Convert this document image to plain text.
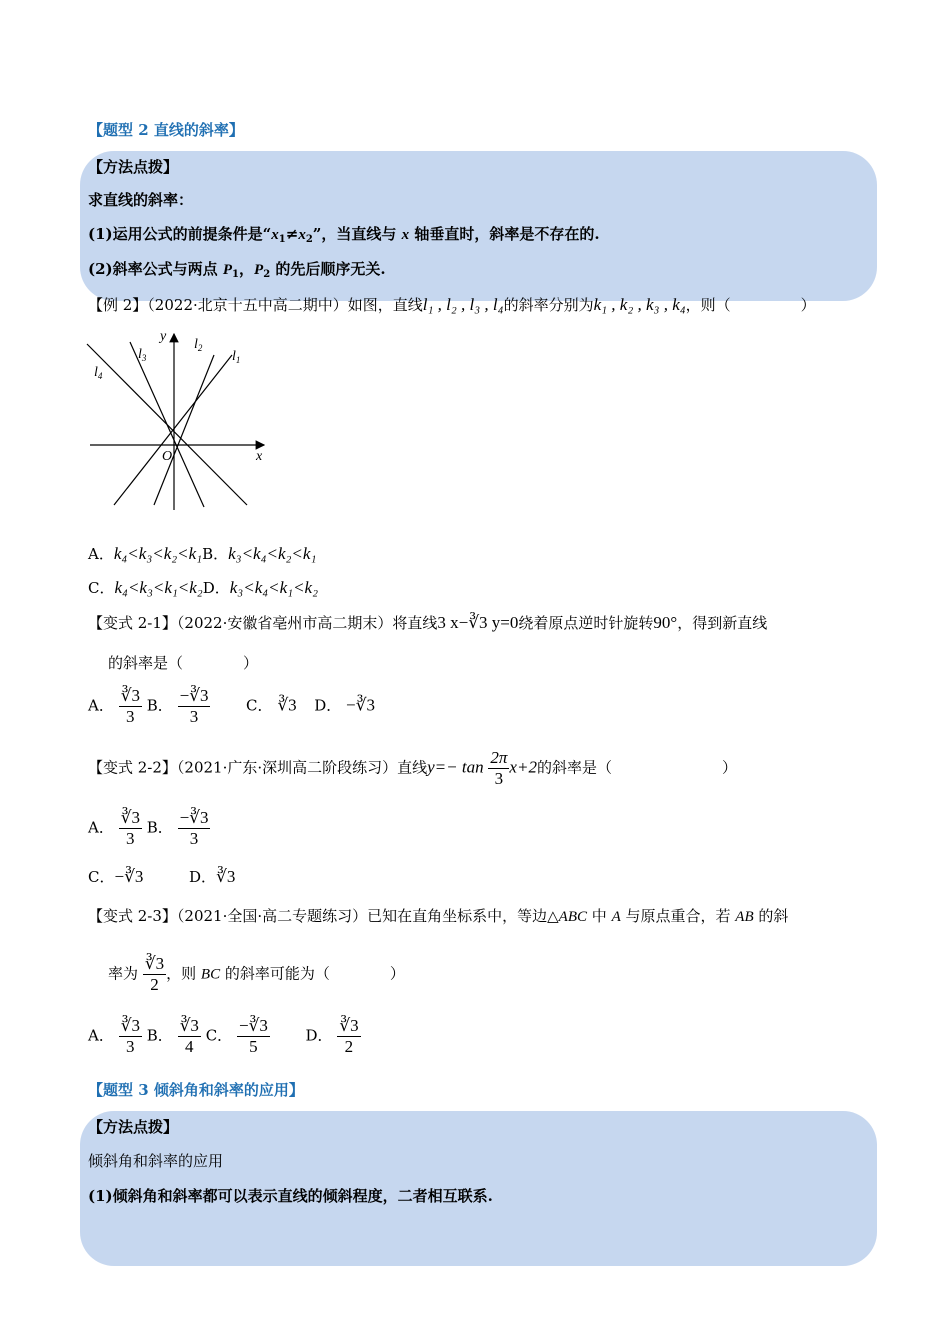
【题型 2 直线的斜率】
【方法点拨】
求直线的斜率：
(1)运用公式的前提条件是“$x_1\ne x_2$”，当直线与 x 轴垂直时，斜率是不存在的.
(2)斜率公式与两点 $P_1$，$P_2$ 的先后顺序无关.
【例 2】（2022·北京十五中高二期中）如图，直线l₁ , l₂ , l₃ , l₄的斜率分别为k₁ , k₂ , k₃ , k₄，则（	）
y
x
O
$l_1$
$l_2$
$l_3$
$l_4$
A．k₄<k₃<k₂<k₁B．k₃<k₄<k₂<k₁
C．k₄<k₃<k₁<k₂D．k₃<k₄<k₁<k₂
【变式 2-1】（2022·安徽省亳州市高二期末）将直线3 x−∛3 y=0绕着原点逆时针旋转90°，得到新直线
的斜率是（	）
A． $\frac{∛3}{3}$ B． $\frac{-∛3}{3}$ C． ∛3 D． −∛3
【变式 2-2】（2021·广东·深圳高二阶段练习）直线$y=- \tan \frac{2\pi}{3} x+2$的斜率是（	）
A． $\frac{∛3}{3}$ B． $\frac{-∛3}{3}$
C．−∛3	D．∛3
【变式 2-3】（2021·全国·高二专题练习）已知在直角坐标系中，等边△ABC 中 A 与原点重合，若 AB 的斜
率为 $\frac{∛3}{2}$ ，则 BC 的斜率可能为（	）
A． $\frac{∛3}{3}$ B． $\frac{∛3}{4}$ C． $\frac{-∛3}{5}$ D． $\frac{∛3}{2}$
【题型 3 倾斜角和斜率的应用】
【方法点拨】
倾斜角和斜率的应用
(1)倾斜角和斜率都可以表示直线的倾斜程度，二者相互联系.
